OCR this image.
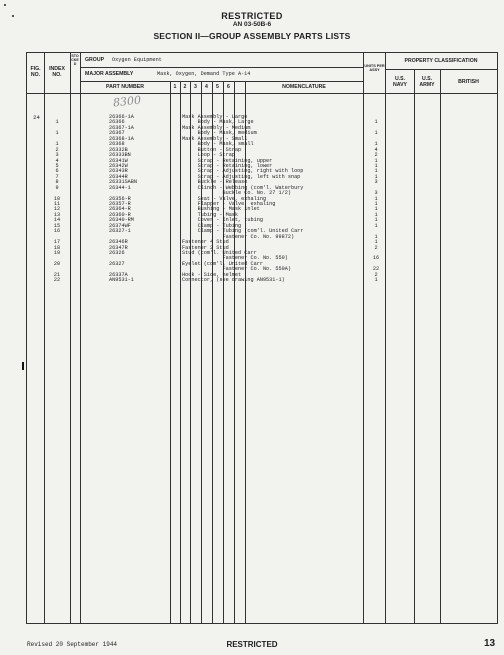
RESTRICTED
AN 03-50B-6
SECTION II—GROUP ASSEMBLY PARTS LISTS
FIG. NO.
INDEX NO.
STOCKED
GROUP Oxygen Equipment
MAJOR ASSEMBLY	Mask, Oxygen, Demand Type A-14
PART NUMBER	1	2	3	4	5	6	NOMENCLATURE
UNITS PER ASSY
PROPERTY CLASSIFICATION
U.S. NAVY
U.S. ARMY	BRITISH
8300
24	26366-1A	Mask Assembly - Large
1	26366	Body - Mask, Large	1
26367-1A	Mask Assembly - Medium
1	26367	Body - Mask, medium	1
26368-1A	Mask Assembly - Small
1	26368	Body - Mask, small	1
2	26332B	Button - Strap	4
3	26333BN	Loop - Strap	2
4	26341W	Strap - Retaining, upper	1
5	26342W	Strap - Retaining, lower	1
6	26343R	Strap - Adjusting, right with loop	1
7	26344R	Strap - Adjusting, left with snap	1
8	26331SABN	Buckle - Release	3
9	26344-1	Clinch - Webbing (com'l. Waterbury
Buckle Co. No. 27 1/2)	3
10	26356-R	Seat - Valve, exhaling	1
11	26357-R	Flapper - Valve, exhaling	1
12	26364-R	Bushing - Mask inlet	1
13	26360-R	Tubing - Mask	1
14	26340-RM	Cover - Inlet, tubing	1
15	26374WF	Clamp - Tubing	1
16	26327-1	Clamp - Tubing (com'l. United Carr
Fastener Co. No. 99872)	1
17	26346R	Fastener 4 Stud	1
18	26347R	Fastener 2 Stud	2
19	26326	Stud (com'l. United Carr
Fastener Co. No. 550)	16
20	26327	Eyelet (com'l. United Carr
Fastener Co. No. 550A)	22
21	26337A	Hook - Side, helmet	2
22	AN9531-1	Connector, (see drawing AN9531-1)	1
Revised 20 September 1944	RESTRICTED	13
